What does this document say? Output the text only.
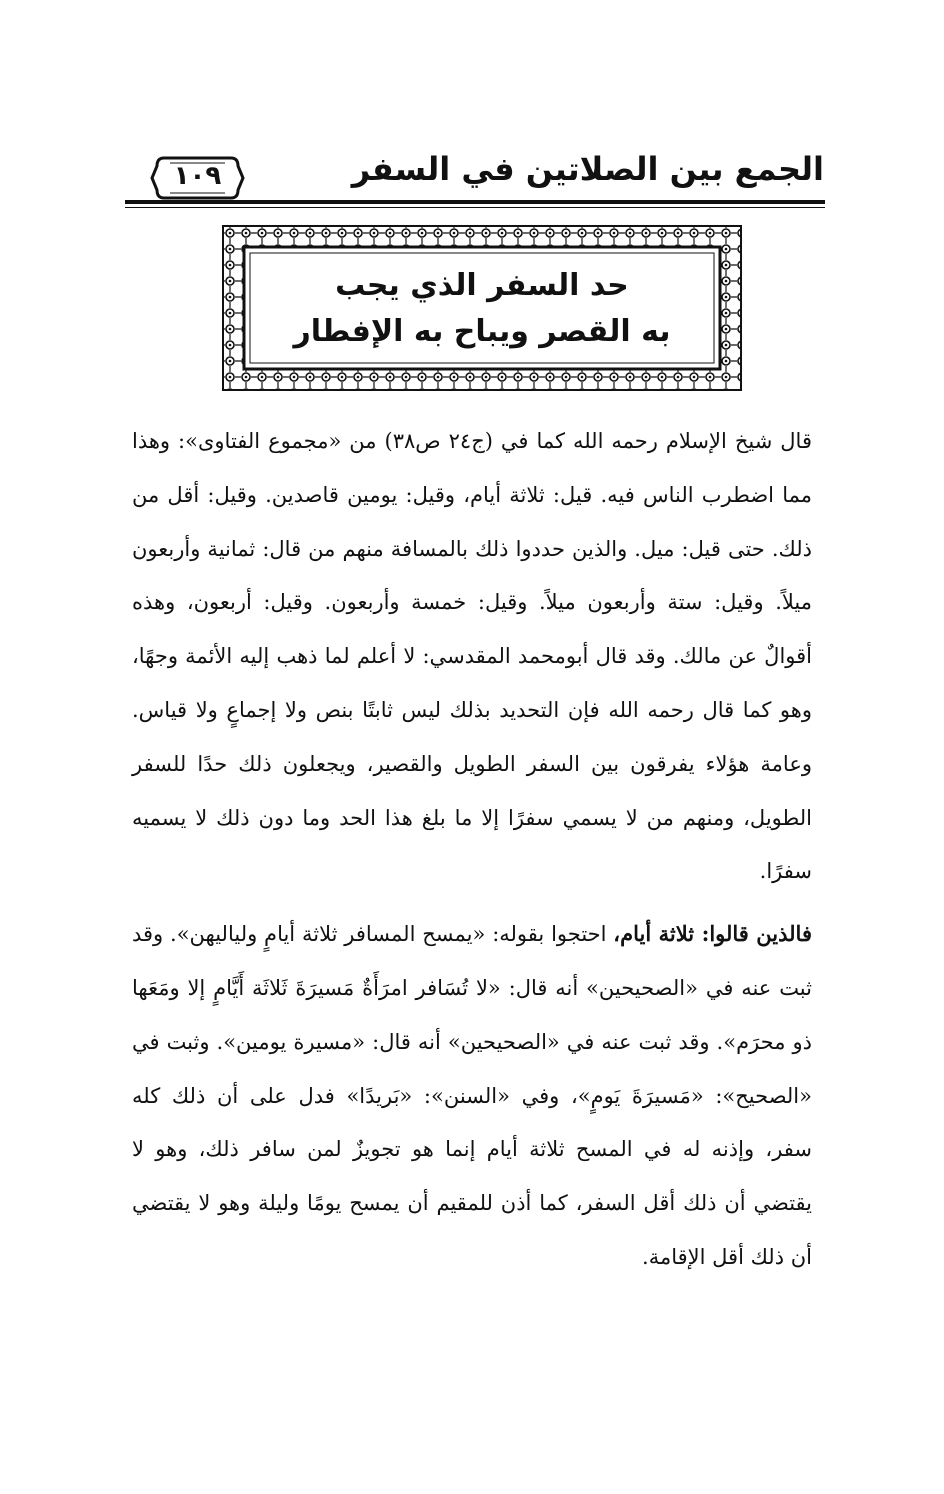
الجمع بين الصلاتين في السفر
١٠٩
حد السفر الذي يجب
به القصر ويباح به الإفطار

قال شيخ الإسلام رحمه الله كما في (ج٢٤ ص٣٨) من «مجموع الفتاوى»: وهذا مما اضطرب الناس فيه. قيل: ثلاثة أيام، وقيل: يومين قاصدين. وقيل: أقل من ذلك. حتى قيل: ميل. والذين حددوا ذلك بالمسافة منهم من قال: ثمانية وأربعون ميلاً. وقيل: ستة وأربعون ميلاً. وقيل: خمسة وأربعون. وقيل: أربعون، وهذه أقوالٌ عن مالك. وقد قال أبومحمد المقدسي: لا أعلم لما ذهب إليه الأئمة وجهًا، وهو كما قال رحمه الله فإن التحديد بذلك ليس ثابتًا بنص ولا إجماعٍ ولا قياس. وعامة هؤلاء يفرقون بين السفر الطويل والقصير، ويجعلون ذلك حدًا للسفر الطويل، ومنهم من لا يسمي سفرًا إلا ما بلغ هذا الحد وما دون ذلك لا يسميه سفرًا.

فالذين قالوا: ثلاثة أيام، احتجوا بقوله: «يمسح المسافر ثلاثة أيامٍ ولياليهن». وقد ثبت عنه في «الصحيحين» أنه قال: «لا تُسَافر امرَأَةٌ مَسيرَةَ ثَلاثَة أَيَّامٍ إلا ومَعَها ذو محرَم». وقد ثبت عنه في «الصحيحين» أنه قال: «مسيرة يومين». وثبت في «الصحيح»: «مَسيرَةَ يَومٍ»، وفي «السنن»: «بَريدًا» فدل على أن ذلك كله سفر، وإذنه له في المسح ثلاثة أيام إنما هو تجويزٌ لمن سافر ذلك، وهو لا يقتضي أن ذلك أقل السفر، كما أذن للمقيم أن يمسح يومًا وليلة وهو لا يقتضي أن ذلك أقل الإقامة.
